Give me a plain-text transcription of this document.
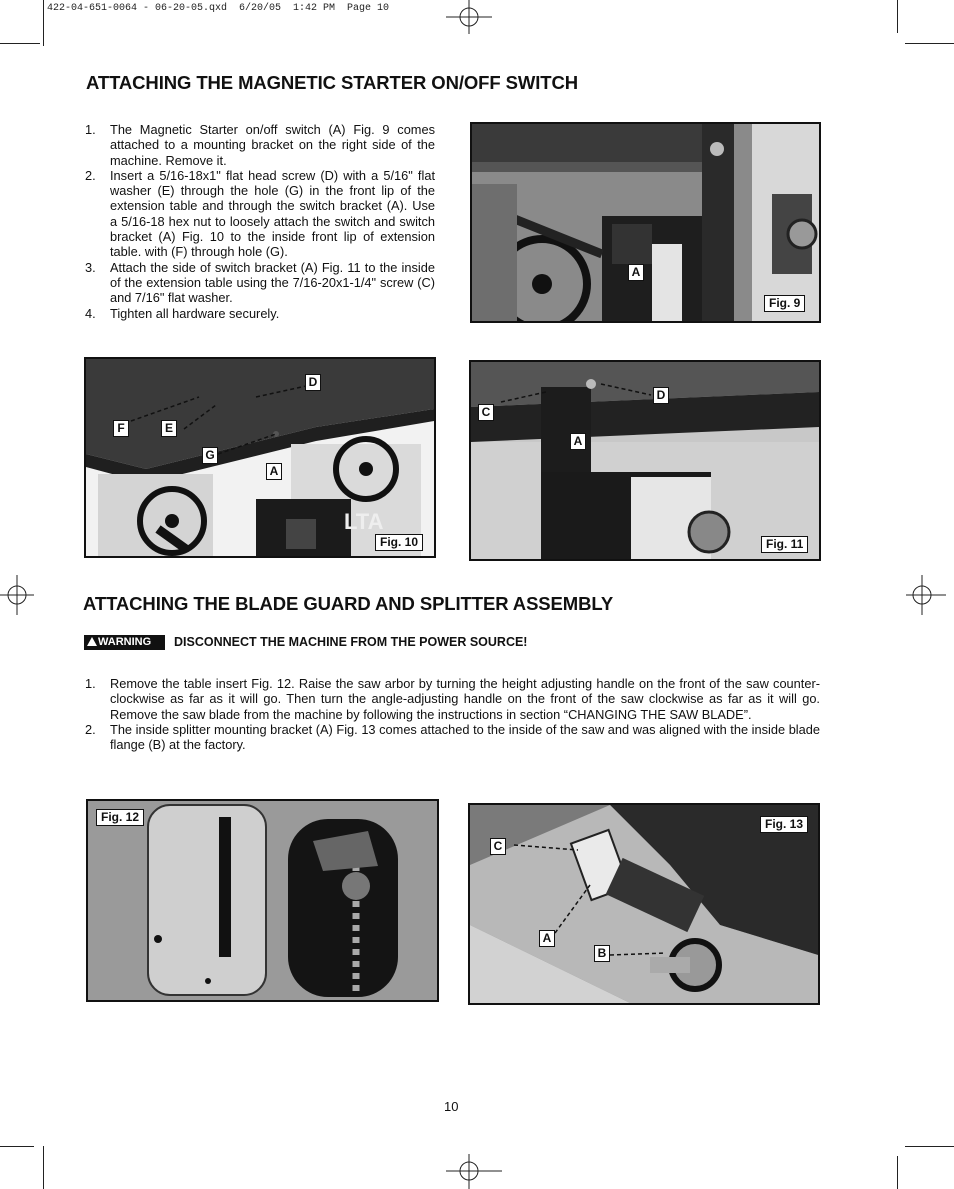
422-04-651-0064 - 06-20-05.qxd  6/20/05  1:42 PM  Page 10
ATTACHING THE MAGNETIC STARTER ON/OFF SWITCH
1. The Magnetic Starter on/off switch (A) Fig. 9 comes attached to a mounting bracket on the right side of the machine. Remove it.
2. Insert a 5/16-18x1" flat head screw (D) with a 5/16" flat washer (E) through the hole (G) in the front lip of the extension table and through the switch bracket (A). Use a 5/16-18 hex nut to loosely attach the switch and switch bracket (A) Fig. 10 to the inside front lip of extension table. with (F) through hole (G).
3. Attach the side of switch bracket (A) Fig. 11 to the inside of the extension table using the 7/16-20x1-1/4" screw (C) and 7/16" flat washer.
4. Tighten all hardware securely.
A
Fig. 9
D
F	E
G
A
LTA
Fig. 10
D
C
A
Fig. 11
ATTACHING THE BLADE GUARD AND SPLITTER ASSEMBLY
WARNING	DISCONNECT THE MACHINE FROM THE POWER SOURCE!
1. Remove the table insert Fig. 12. Raise the saw arbor by turning the height adjusting handle on the front of the saw counter-clockwise as far as it will go. Then turn the angle-adjusting handle on the front of the saw clockwise as far as it will go. Remove the saw blade from the machine by following the instructions in section “CHANGING THE SAW BLADE”.
2. The inside splitter mounting bracket (A) Fig. 13 comes attached to the inside of the saw and was aligned with the inside blade flange (B) at the factory.
Fig. 12
C
A
B
Fig. 13
10
